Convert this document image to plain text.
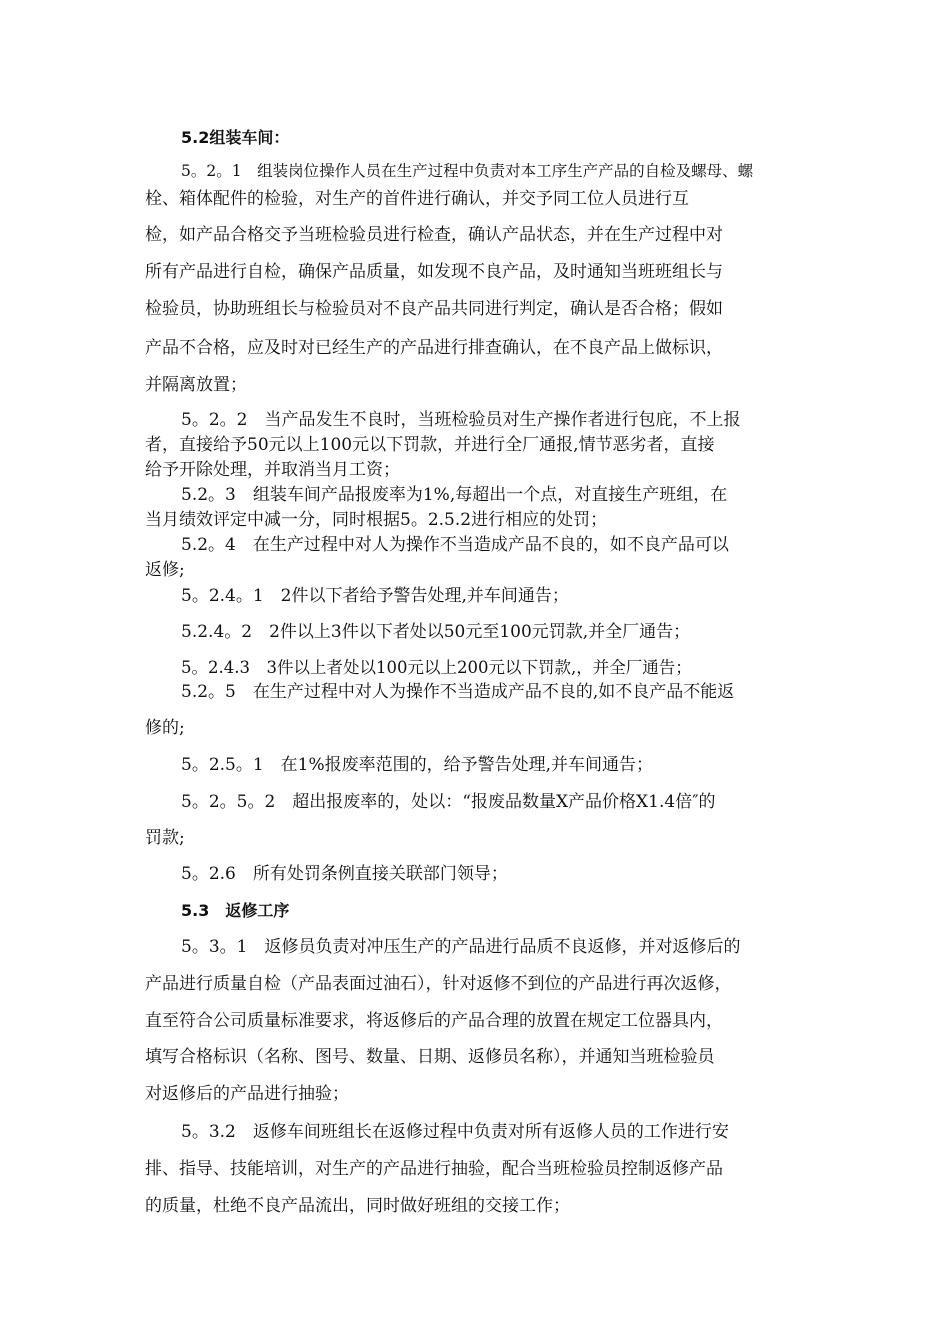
5.2组装车间：
5。2。1　组装岗位操作人员在生产过程中负责对本工序生产产品的自检及螺母、螺
栓、箱体配件的检验，对生产的首件进行确认，并交予同工位人员进行互
检，如产品合格交予当班检验员进行检查，确认产品状态，并在生产过程中对
所有产品进行自检，确保产品质量，如发现不良产品，及时通知当班班组长与
检验员，协助班组长与检验员对不良产品共同进行判定，确认是否合格；假如
产品不合格，应及时对已经生产的产品进行排查确认，在不良产品上做标识，
并隔离放置；
5。2。2　当产品发生不良时，当班检验员对生产操作者进行包庇，不上报
者，直接给予50元以上100元以下罚款，并进行全厂通报,情节恶劣者，直接
给予开除处理，并取消当月工资；
5.2。3　组装车间产品报废率为1%,每超出一个点，对直接生产班组，在
当月绩效评定中减一分，同时根据5。2.5.2进行相应的处罚；
5.2。4　在生产过程中对人为操作不当造成产品不良的，如不良产品可以
返修;
5。2.4。1　2件以下者给予警告处理,并车间通告；
5.2.4。2　2件以上3件以下者处以50元至100元罚款,并全厂通告；
5。2.4.3　3件以上者处以100元以上200元以下罚款,，并全厂通告；
5.2。5　在生产过程中对人为操作不当造成产品不良的,如不良产品不能返
修的;
5。2.5。1　在1%报废率范围的，给予警告处理,并车间通告；
5。2。5。2　超出报废率的，处以：“报废品数量X产品价格X1.4倍″的
罚款;
5。2.6　所有处罚条例直接关联部门领导；
5.3　返修工序
5。3。1　返修员负责对冲压生产的产品进行品质不良返修，并对返修后的
产品进行质量自检（产品表面过油石），针对返修不到位的产品进行再次返修，
直至符合公司质量标准要求，将返修后的产品合理的放置在规定工位器具内，
填写合格标识（名称、图号、数量、日期、返修员名称），并通知当班检验员
对返修后的产品进行抽验；
5。3.2　返修车间班组长在返修过程中负责对所有返修人员的工作进行安
排、指导、技能培训，对生产的产品进行抽验，配合当班检验员控制返修产品
的质量，杜绝不良产品流出，同时做好班组的交接工作；
